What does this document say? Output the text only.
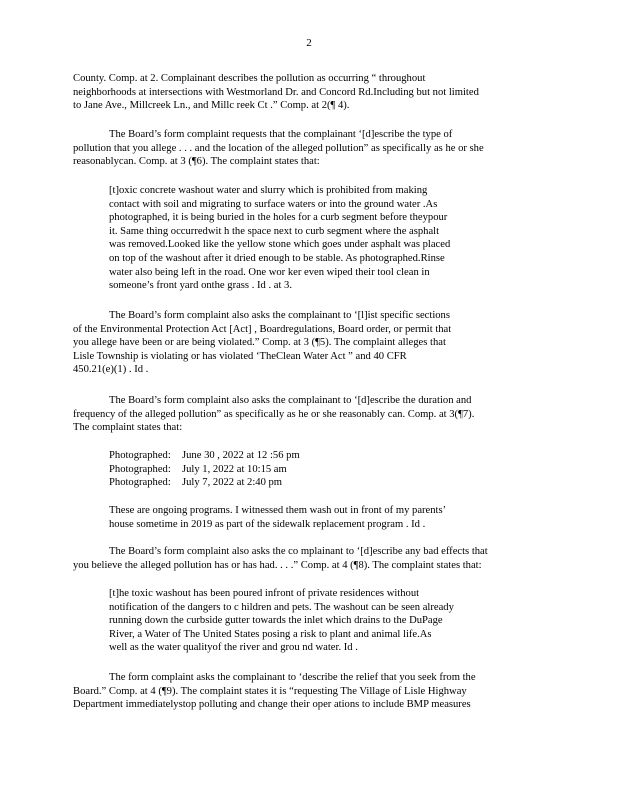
2

County. Comp. at 2. Complainant describes the pollution as occurring “ throughout
neighborhoods at intersections with Westmorland Dr. and Concord Rd.Including but not limited
to Jane Ave., Millcreek Ln., and Millc reek Ct .” Comp. at 2(¶ 4).

The Board’s form complaint requests that the complainant ‘[d]escribe the type of
pollution that you allege . . . and the location of the alleged pollution” as specifically as he or she
reasonablycan. Comp. at 3 (¶6). The complaint states that:

[t]oxic concrete washout water and slurry which is prohibited from making
contact with soil and migrating to surface waters or into the ground water .As
photographed, it is being buried in the holes for a curb segment before theypour
it. Same thing occurredwit h the space next to curb segment where the asphalt
was removed.Looked like the yellow stone which goes under asphalt was placed
on top of the washout after it dried enough to be stable. As photographed.Rinse
water also being left in the road. One wor ker even wiped their tool clean in
someone’s front yard onthe grass . Id . at 3.

The Board’s form complaint also asks the complainant to ‘[l]ist specific sections
of the Environmental Protection Act [Act] , Boardregulations, Board order, or permit that
you allege have been or are being violated.” Comp. at 3 (¶5). The complaint alleges that
Lisle Township is violating or has violated ‘TheClean Water Act ” and 40 CFR
450.21(e)(1) . Id .

The Board’s form complaint also asks the complainant to ‘[d]escribe the duration and
frequency of the alleged pollution” as specifically as he or she reasonably can. Comp. at 3(¶7).
The complaint states that:

Photographed:	June 30 , 2022 at 12 :56 pm
Photographed:	July 1, 2022 at 10:15 am
Photographed:	July 7, 2022 at 2:40 pm
These are ongoing programs. I witnessed them wash out in front of my parents’
house sometime in 2019 as part of the sidewalk replacement program . Id .

The Board’s form complaint also asks the co mplainant to ‘[d]escribe any bad effects that
you believe the alleged pollution has or has had. . . .” Comp. at 4 (¶8). The complaint states that:

[t]he toxic washout has been poured infront of private residences without
notification of the dangers to c hildren and pets. The washout can be seen already
running down the curbside gutter towards the inlet which drains to the DuPage
River, a Water of The United States posing a risk to plant and animal life.As
well as the water qualityof the river and grou nd water. Id .

The form complaint asks the complainant to ‘describe the relief that you seek from the
Board.” Comp. at 4 (¶9). The complaint states it is “requesting The Village of Lisle Highway
Department immediatelystop polluting and change their oper ations to include BMP measures
